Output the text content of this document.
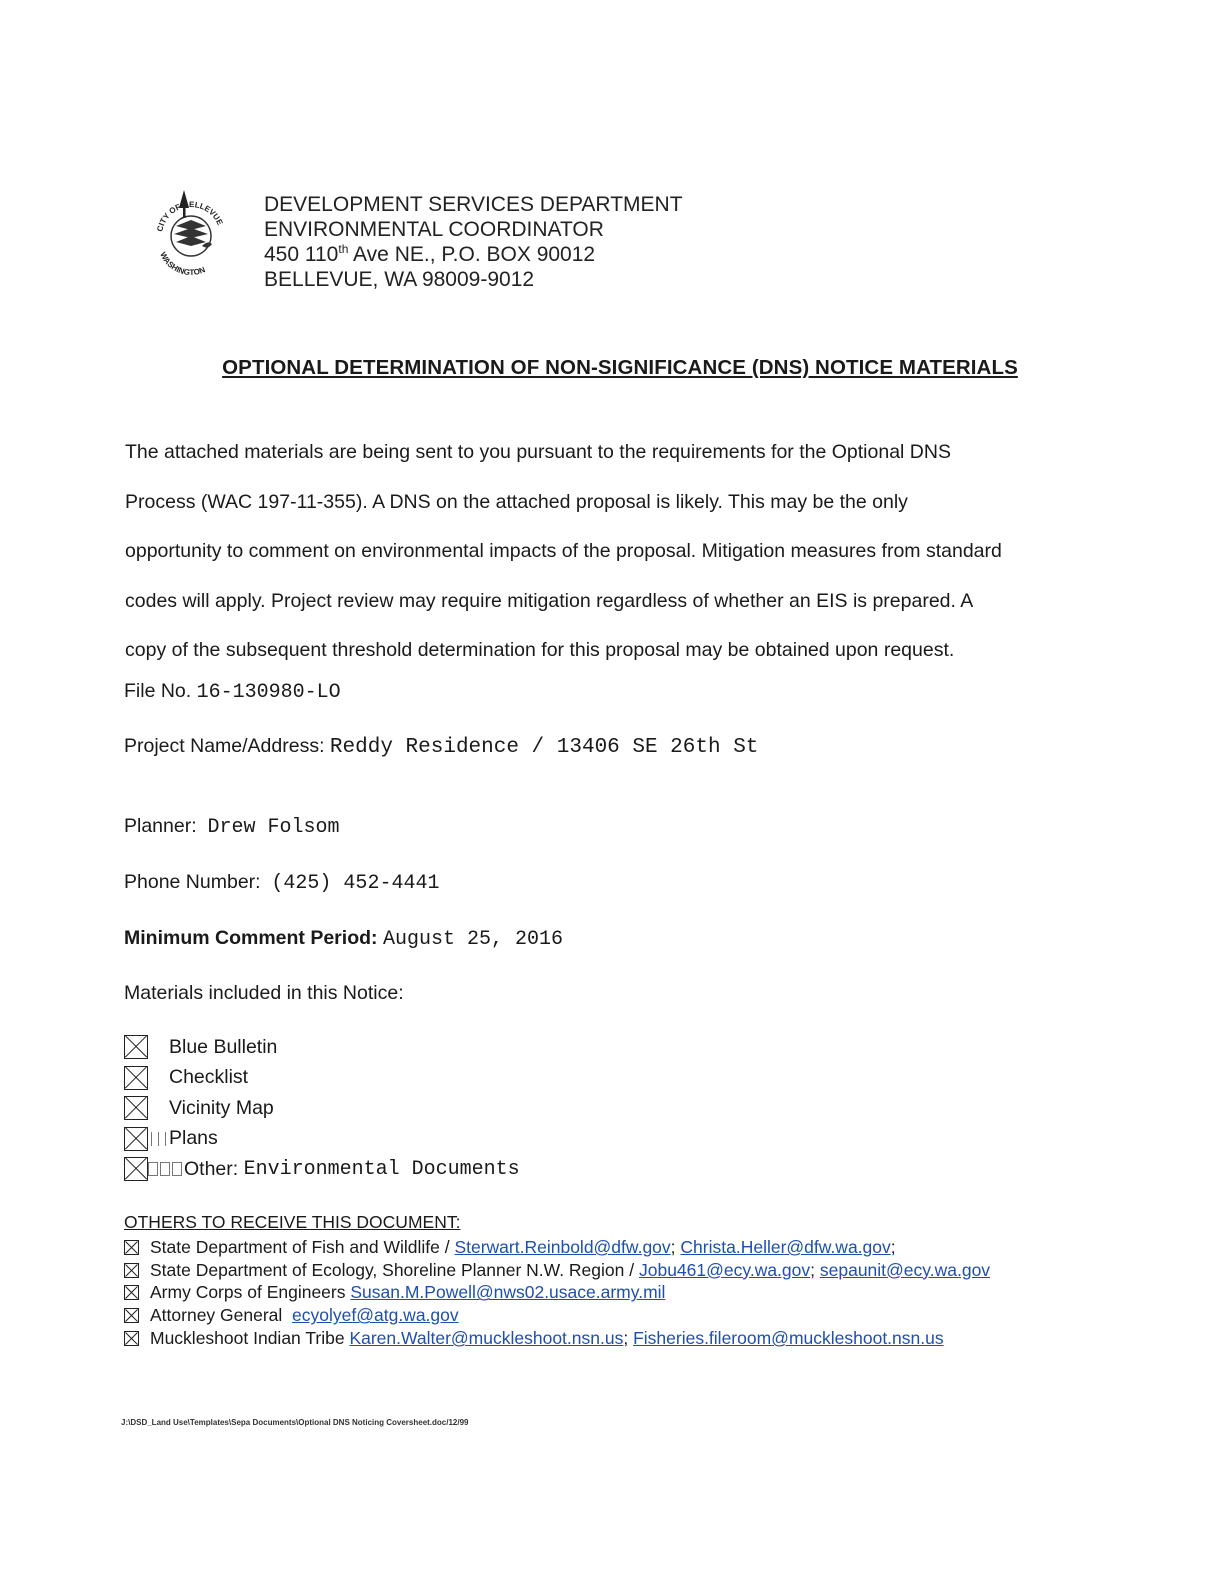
CITY OF BELLEVUE
WASHINGTON
DEVELOPMENT SERVICES DEPARTMENT
ENVIRONMENTAL COORDINATOR
450 110th Ave NE., P.O. BOX 90012
BELLEVUE, WA 98009-9012
OPTIONAL DETERMINATION OF NON-SIGNIFICANCE (DNS) NOTICE MATERIALS
The attached materials are being sent to you pursuant to the requirements for the Optional DNS
Process (WAC 197-11-355). A DNS on the attached proposal is likely. This may be the only
opportunity to comment on environmental impacts of the proposal. Mitigation measures from standard
codes will apply. Project review may require mitigation regardless of whether an EIS is prepared. A
copy of the subsequent threshold determination for this proposal may be obtained upon request.
File No. 16-130980-LO
Project Name/Address: Reddy Residence / 13406 SE 26th St
Planner: Drew Folsom
Phone Number: (425) 452-4441
Minimum Comment Period: August 25, 2016
Materials included in this Notice:
Blue Bulletin
Checklist
Vicinity Map
Plans
Other:
Environmental Documents
OTHERS TO RECEIVE THIS DOCUMENT:
State Department of Fish and Wildlife /
Sterwart.Reinbold@dfw.gov ; Christa.Heller@dfw.wa.gov ;
State Department of Ecology, Shoreline Planner N.W. Region /
Jobu461@ecy.wa.gov ; sepaunit@ecy.wa.gov
Army Corps of Engineers
Susan.M.Powell@nws02.usace.army.mil
Attorney General
ecyolyef@atg.wa.gov
Muckleshoot Indian Tribe
Karen.Walter@muckleshoot.nsn.us ; Fisheries.fileroom@muckleshoot.nsn.us
J:\DSD_Land Use\Templates\Sepa Documents\Optional DNS Noticing Coversheet.doc/12/99
